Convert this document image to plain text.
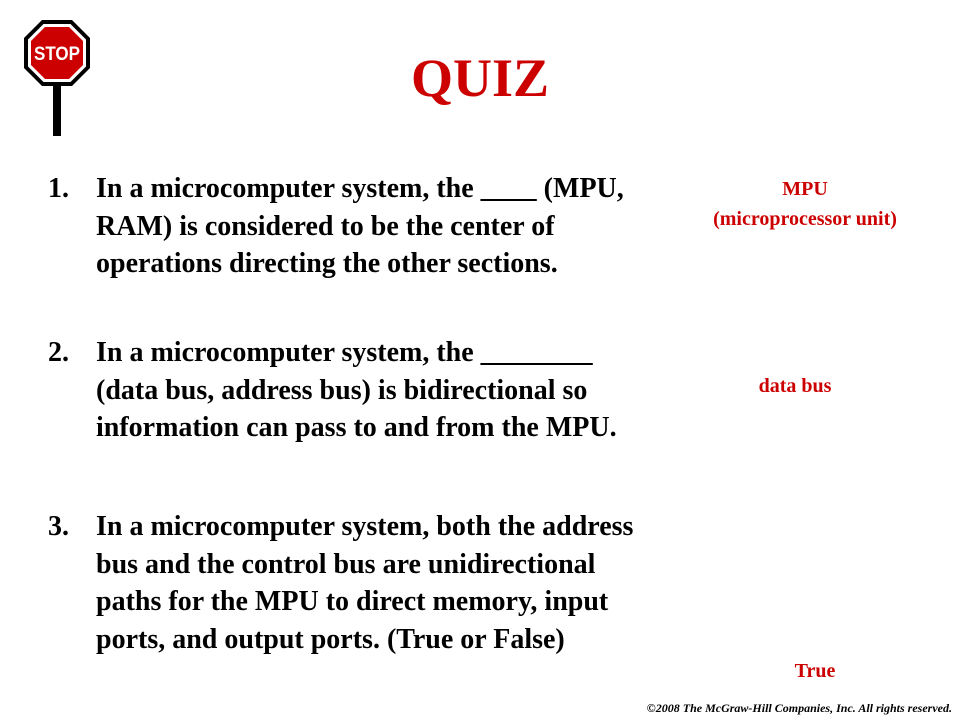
STOP	QUIZ
1. In a microcomputer system, the ____ (MPU, RAM) is considered to be the center of operations directing the other sections.
2. In a microcomputer system, the ________ (data bus, address bus) is bidirectional so information can pass to and from the MPU.
3. In a microcomputer system, both the address bus and the control bus are unidirectional paths for the MPU to direct memory, input ports, and output ports. (True or False)
MPU
(microprocessor unit)
data bus
True
©2008 The McGraw-Hill Companies, Inc. All rights reserved.
